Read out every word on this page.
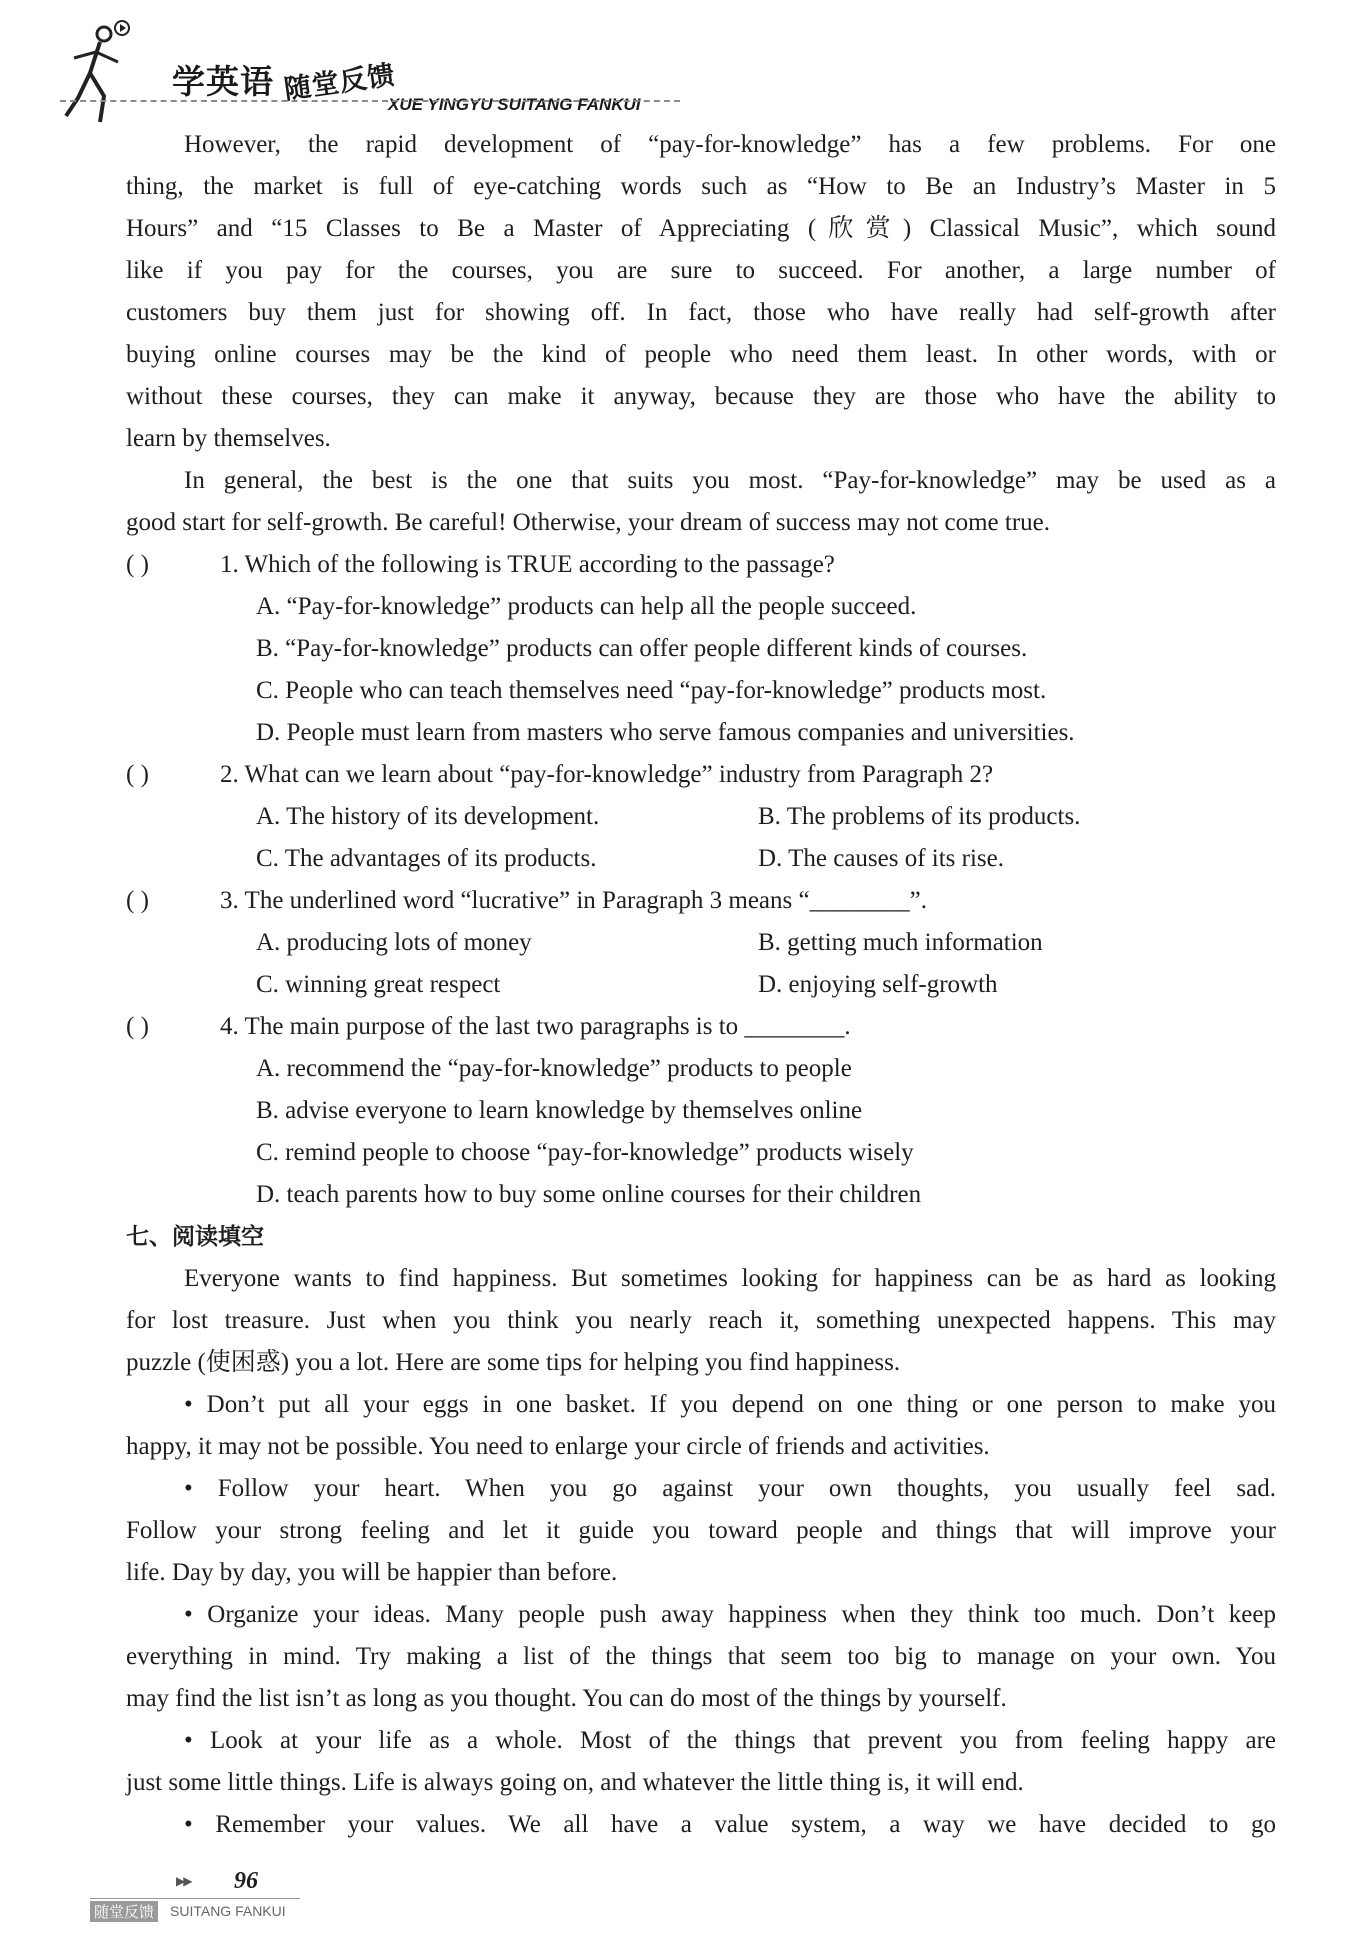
学英语 随堂反馈
XUE YINGYU SUITANG FANKUI
However, the rapid development of “pay-for-knowledge” has a few problems. For one
thing, the market is full of eye-catching words such as “How to Be an Industry’s Master in 5
Hours” and “15 Classes to Be a Master of Appreciating (欣赏) Classical Music”, which sound
like if you pay for the courses, you are sure to succeed. For another, a large number of
customers buy them just for showing off. In fact, those who have really had self-growth after
buying online courses may be the kind of people who need them least. In other words, with or
without these courses, they can make it anyway, because they are those who have the ability to
learn by themselves.
In general, the best is the one that suits you most. “Pay-for-knowledge” may be used as a
good start for self-growth. Be careful! Otherwise, your dream of success may not come true.
( )	1. Which of the following is TRUE according to the passage?
A. “Pay-for-knowledge” products can help all the people succeed.
B. “Pay-for-knowledge” products can offer people different kinds of courses.
C. People who can teach themselves need “pay-for-knowledge” products most.
D. People must learn from masters who serve famous companies and universities.
( )	2. What can we learn about “pay-for-knowledge” industry from Paragraph 2?
A. The history of its development.	B. The problems of its products.
C. The advantages of its products.	D. The causes of its rise.
( )	3. The underlined word “lucrative” in Paragraph 3 means “________”.
A. producing lots of money	B. getting much information
C. winning great respect	D. enjoying self-growth
( )	4. The main purpose of the last two paragraphs is to ________.
A. recommend the “pay-for-knowledge” products to people
B. advise everyone to learn knowledge by themselves online
C. remind people to choose “pay-for-knowledge” products wisely
D. teach parents how to buy some online courses for their children
七、阅读填空
Everyone wants to find happiness. But sometimes looking for happiness can be as hard as looking
for lost treasure. Just when you think you nearly reach it, something unexpected happens. This may
puzzle (使困惑) you a lot. Here are some tips for helping you find happiness.
• Don’t put all your eggs in one basket. If you depend on one thing or one person to make you
happy, it may not be possible. You need to enlarge your circle of friends and activities.
• Follow your heart. When you go against your own thoughts, you usually feel sad.
Follow your strong feeling and let it guide you toward people and things that will improve your
life. Day by day, you will be happier than before.
• Organize your ideas. Many people push away happiness when they think too much. Don’t keep
everything in mind. Try making a list of the things that seem too big to manage on your own. You
may find the list isn’t as long as you thought. You can do most of the things by yourself.
• Look at your life as a whole. Most of the things that prevent you from feeling happy are
just some little things. Life is always going on, and whatever the little thing is, it will end.
• Remember your values. We all have a value system, a way we have decided to go
▶▶ 96
随堂反馈 SUITANG FANKUI
